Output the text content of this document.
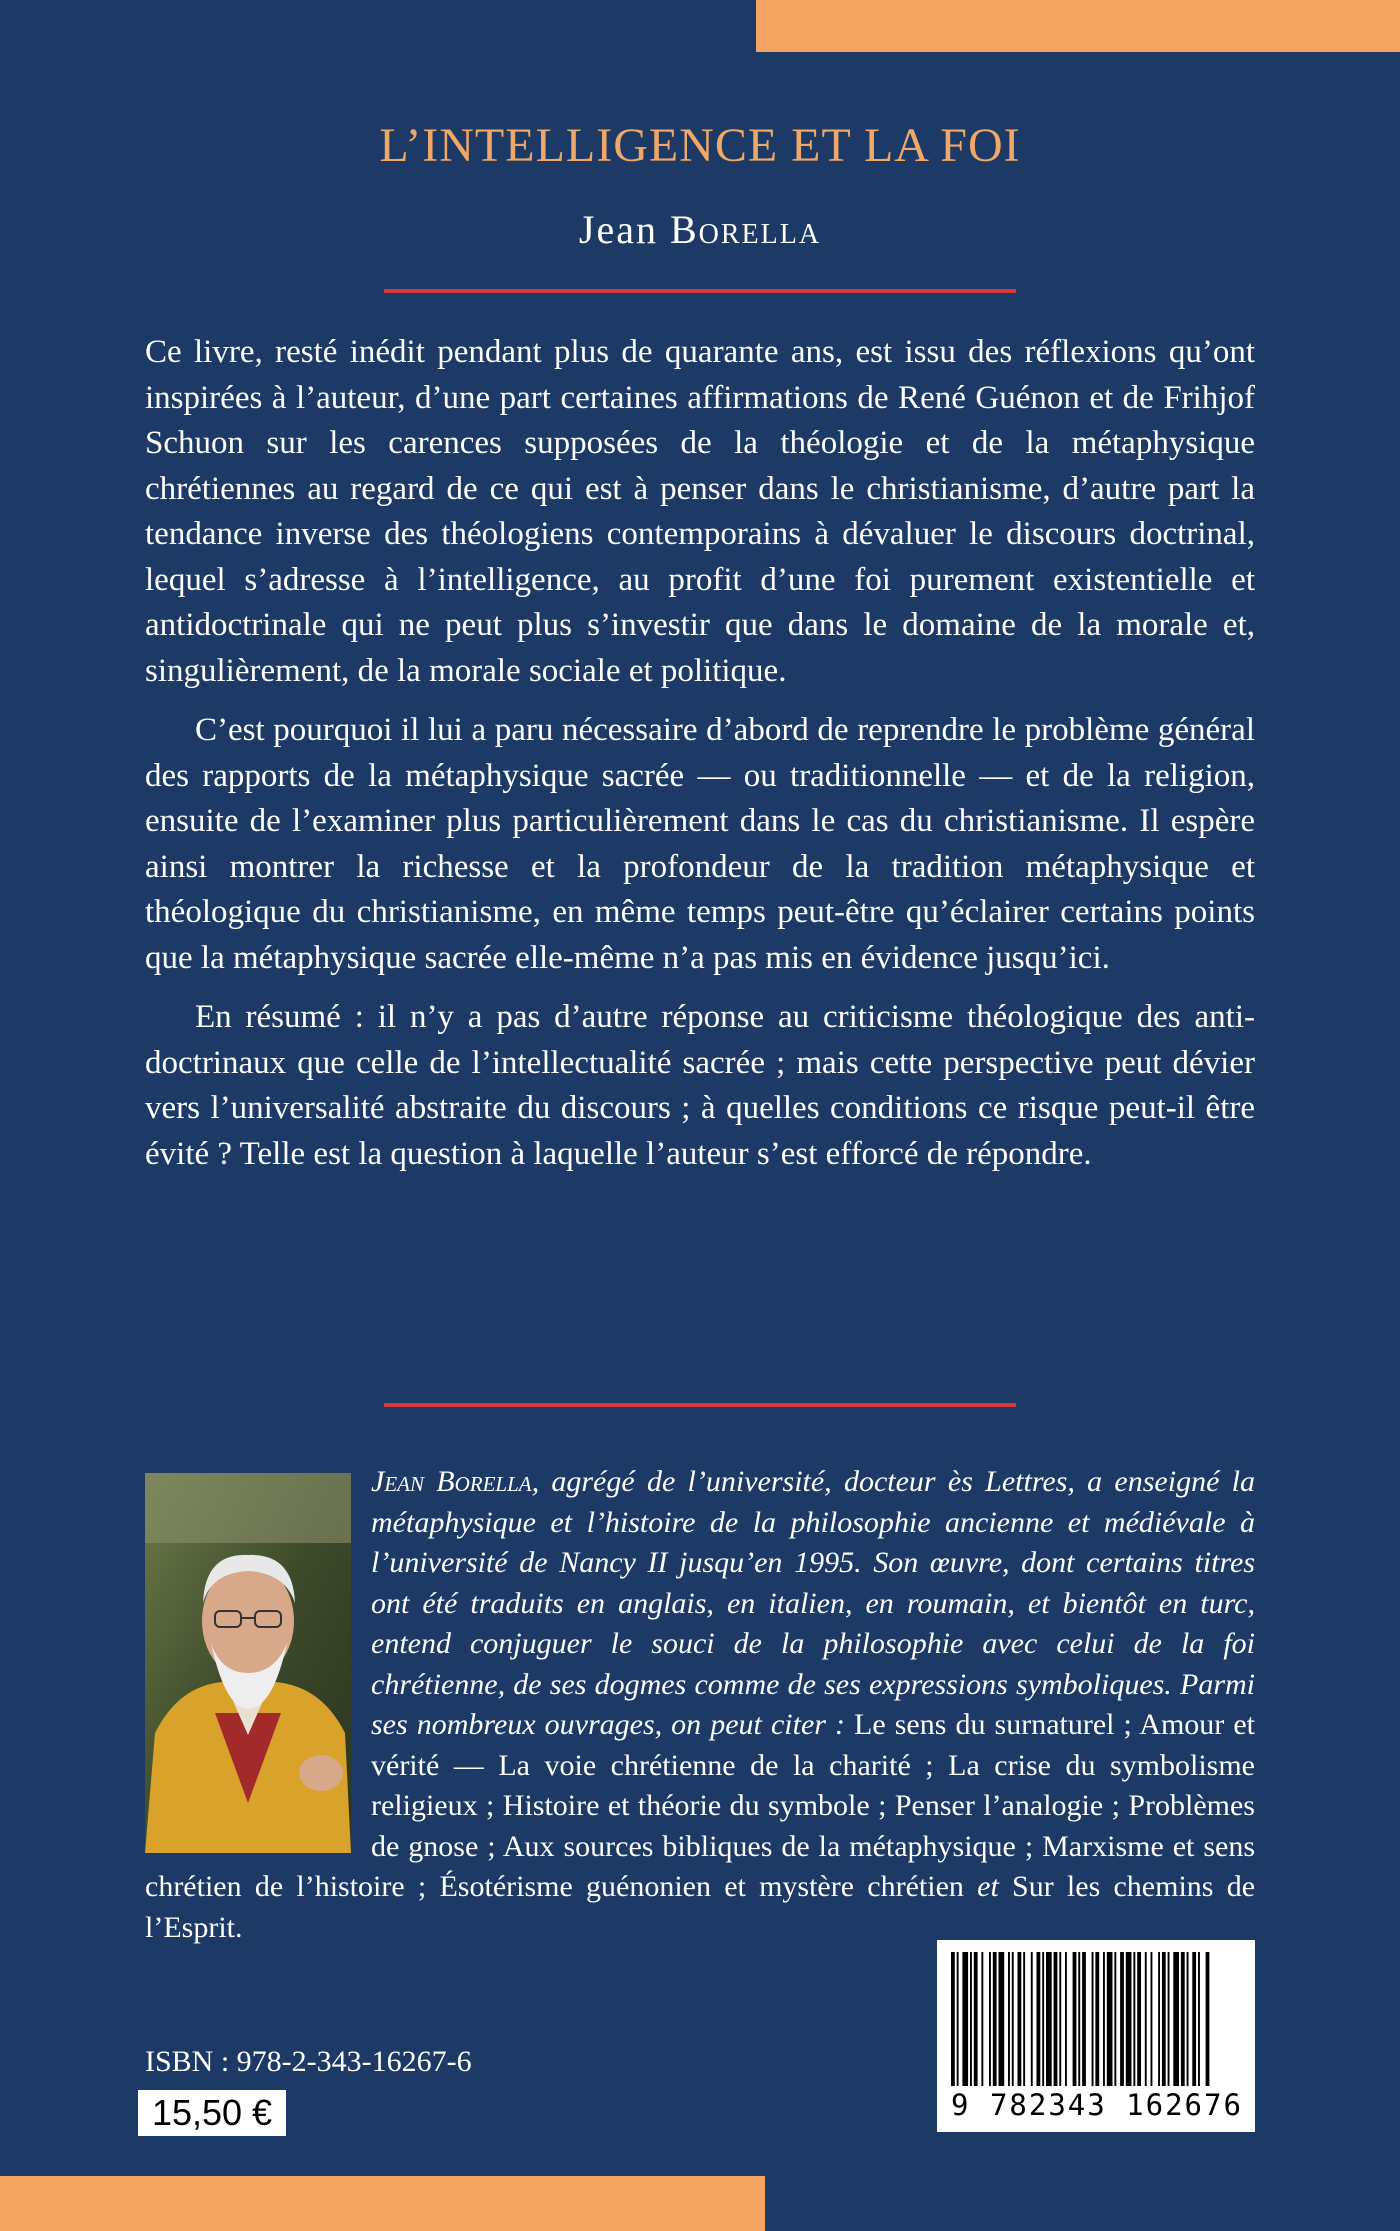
L’INTELLIGENCE ET LA FOI
Jean Borella

Ce livre, resté inédit pendant plus de quarante ans, est issu des réflexions qu’ont inspirées à l’auteur, d’une part certaines affirmations de René Guénon et de Frihjof Schuon sur les carences supposées de la théologie et de la métaphysique chrétiennes au regard de ce qui est à penser dans le christianisme, d’autre part la tendance inverse des théologiens contemporains à dévaluer le discours doctrinal, lequel s’adresse à l’intelligence, au profit d’une foi purement existentielle et antidoctrinale qui ne peut plus s’investir que dans le domaine de la morale et, singulièrement, de la morale sociale et politique.

C’est pourquoi il lui a paru nécessaire d’abord de reprendre le problème général des rapports de la métaphysique sacrée — ou traditionnelle — et de la religion, ensuite de l’examiner plus particulièrement dans le cas du christianisme. Il espère ainsi montrer la richesse et la profondeur de la tradition métaphysique et théologique du christianisme, en même temps peut-être qu’éclairer certains points que la métaphysique sacrée elle-même n’a pas mis en évidence jusqu’ici.

En résumé : il n’y a pas d’autre réponse au criticisme théologique des anti-doctrinaux que celle de l’intellectualité sacrée ; mais cette perspective peut dévier vers l’universalité abstraite du discours ; à quelles conditions ce risque peut-il être évité ? Telle est la question à laquelle l’auteur s’est efforcé de répondre.

Jean Borella, agrégé de l’université, docteur ès Lettres, a enseigné la métaphysique et l’histoire de la philosophie ancienne et médiévale à l’université de Nancy II jusqu’en 1995. Son œuvre, dont certains titres ont été traduits en anglais, en italien, en roumain, et bientôt en turc, entend conjuguer le souci de la philosophie avec celui de la foi chrétienne, de ses dogmes comme de ses expressions symboliques. Parmi ses nombreux ouvrages, on peut citer : Le sens du surnaturel ; Amour et vérité — La voie chrétienne de la charité ; La crise du symbolisme religieux ; Histoire et théorie du symbole ; Penser l’analogie ; Problèmes de gnose ; Aux sources bibliques de la métaphysique ; Marxisme et sens chrétien de l’histoire ; Ésotérisme guénonien et mystère chrétien et Sur les chemins de l’Esprit.
ISBN : 978-2-343-16267-6
15,50 €	9 782343 162676
